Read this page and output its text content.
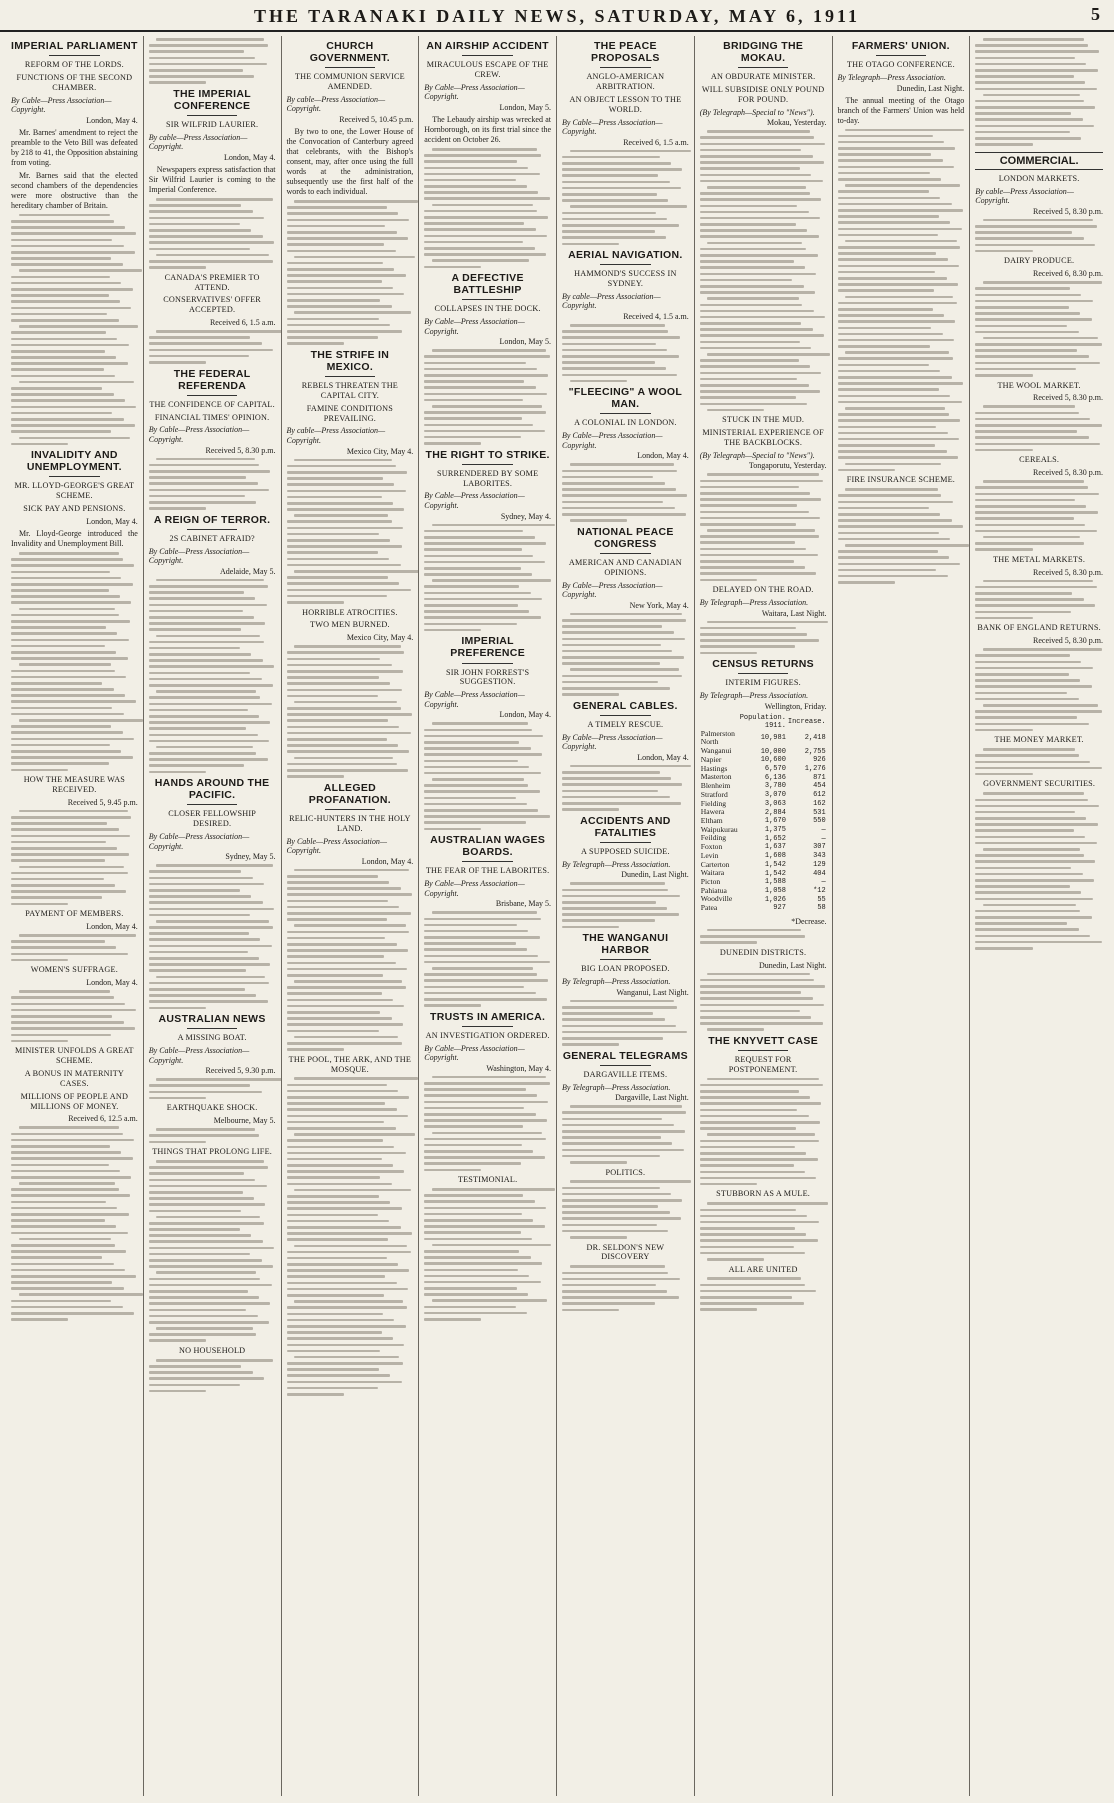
THE TARANAKI DAILY NEWS, SATURDAY, MAY 6, 1911	5
IMPERIAL PARLIAMENT
REFORM OF THE LORDS.
FUNCTIONS OF THE SECOND CHAMBER.
By Cable—Press Association—Copyright.
London, May 4.
Mr. Barnes' amendment to reject the preamble to the Veto Bill was defeated by 218 to 41, the Opposition abstaining from voting.
Mr. Barnes said that the elected second chambers of the dependencies were more obstructive than the hereditary chamber of Britain.
INVALIDITY AND UNEMPLOYMENT.
MR. LLOYD-GEORGE'S GREAT SCHEME.
SICK PAY AND PENSIONS.
London, May 4.
Mr. Lloyd-George introduced the Invalidity and Unemployment Bill.
HOW THE MEASURE WAS RECEIVED.
Received 5, 9.45 p.m.
PAYMENT OF MEMBERS.
London, May 4.
WOMEN'S SUFFRAGE.
London, May 4.
MINISTER UNFOLDS A GREAT SCHEME.
A BONUS IN MATERNITY CASES.
MILLIONS OF PEOPLE AND MILLIONS OF MONEY.
Received 6, 12.5 a.m.
THE IMPERIAL CONFERENCE
SIR WILFRID LAURIER.
By cable—Press Association—Copyright.
London, May 4.
Newspapers express satisfaction that Sir Wilfrid Laurier is coming to the Imperial Conference.
CANADA'S PREMIER TO ATTEND.
CONSERVATIVES' OFFER ACCEPTED.
Received 6, 1.5 a.m.
THE FEDERAL REFERENDA
THE CONFIDENCE OF CAPITAL.
FINANCIAL TIMES' OPINION.
By Cable—Press Association—Copyright.
Received 5, 8.30 p.m.
A REIGN OF TERROR.
2S CABINET AFRAID?
By Cable—Press Association—Copyright.
Adelaide, May 5.
HANDS AROUND THE PACIFIC.
CLOSER FELLOWSHIP DESIRED.
By Cable—Press Association—Copyright.
Sydney, May 5.
AUSTRALIAN NEWS
A MISSING BOAT.
By Cable—Press Association—Copyright.
Received 5, 9.30 p.m.
EARTHQUAKE SHOCK.
Melbourne, May 5.
THINGS THAT PROLONG LIFE.
NO HOUSEHOLD
CHURCH GOVERNMENT.
THE COMMUNION SERVICE AMENDED.
By cable—Press Association—Copyright.
Received 5, 10.45 p.m.
By two to one, the Lower House of the Convocation of Canterbury agreed that celebrants, with the Bishop's consent, may, after once using the full words at the administration, subsequently use the first half of the words to each individual.
THE STRIFE IN MEXICO.
REBELS THREATEN THE CAPITAL CITY.
FAMINE CONDITIONS PREVAILING.
By cable—Press Association—Copyright.
Mexico City, May 4.
HORRIBLE ATROCITIES.
TWO MEN BURNED.
Mexico City, May 4.
ALLEGED PROFANATION.
RELIC-HUNTERS IN THE HOLY LAND.
By Cable—Press Association—Copyright.
London, May 4.
THE POOL, THE ARK, AND THE MOSQUE.
AN AIRSHIP ACCIDENT
MIRACULOUS ESCAPE OF THE CREW.
By Cable—Press Association—Copyright.
London, May 5.
The Lebaudy airship was wrecked at Hornborough, on its first trial since the accident on October 26.
A DEFECTIVE BATTLESHIP
COLLAPSES IN THE DOCK.
By Cable—Press Association—Copyright.
London, May 5.
THE RIGHT TO STRIKE.
SURRENDERED BY SOME LABORITES.
By Cable—Press Association—Copyright.
Sydney, May 4.
IMPERIAL PREFERENCE
SIR JOHN FORREST'S SUGGESTION.
By Cable—Press Association—Copyright.
London, May 4.
AUSTRALIAN WAGES BOARDS.
THE FEAR OF THE LABORITES.
By Cable—Press Association—Copyright.
Brisbane, May 5.
TRUSTS IN AMERICA.
AN INVESTIGATION ORDERED.
By Cable—Press Association—Copyright.
Washington, May 4.
TESTIMONIAL.
THE PEACE PROPOSALS
ANGLO-AMERICAN ARBITRATION.
AN OBJECT LESSON TO THE WORLD.
By Cable—Press Association—Copyright.
Received 6, 1.5 a.m.
AERIAL NAVIGATION.
HAMMOND'S SUCCESS IN SYDNEY.
By cable—Press Association—Copyright.
Received 4, 1.5 a.m.
"FLEECING" A WOOL MAN.
A COLONIAL IN LONDON.
By Cable—Press Association—Copyright.
London, May 4.
NATIONAL PEACE CONGRESS
AMERICAN AND CANADIAN OPINIONS.
By Cable—Press Association—Copyright.
New York, May 4.
GENERAL CABLES.
A TIMELY RESCUE.
By Cable—Press Association—Copyright.
London, May 4.
ACCIDENTS AND FATALITIES
A SUPPOSED SUICIDE.
By Telegraph—Press Association.
Dunedin, Last Night.
THE WANGANUI HARBOR
BIG LOAN PROPOSED.
By Telegraph—Press Association.
Wanganui, Last Night.
GENERAL TELEGRAMS
DARGAVILLE ITEMS.
By Telegraph—Press Association.
Dargaville, Last Night.
POLITICS.
DR. SELDON'S NEW DISCOVERY
BRIDGING THE MOKAU.
AN OBDURATE MINISTER.
WILL SUBSIDISE ONLY POUND FOR POUND.
(By Telegraph—Special to "News").
Mokau, Yesterday.
STUCK IN THE MUD.
MINISTERIAL EXPERIENCE OF THE BACKBLOCKS.
(By Telegraph—Special to "News").
Tongaporutu, Yesterday.
DELAYED ON THE ROAD.
By Telegraph—Press Association.
Waitara, Last Night.
CENSUS RETURNS
INTERIM FIGURES.
By Telegraph—Press Association.
Wellington, Friday.
	Population. 1911.	Increase.
Palmerston North	10,981	2,418
Wanganui	10,000	2,755
Napier	10,600	926
Hastings	6,570	1,276
Masterton	6,136	871
Blenheim	3,780	454
Stratford	3,070	612
Fielding	3,063	162
Hawera	2,884	531
Eltham	1,670	550
Waipukurau	1,375	—
Feilding	1,652	—
Foxton	1,637	307
Levin	1,608	343
Carterton	1,542	129
Waitara	1,542	404
Picton	1,588	—
Pahiatua	1,058	*12
Woodville	1,026	55
Patea	927	58
*Decrease.
DUNEDIN DISTRICTS.
Dunedin, Last Night.
THE KNYVETT CASE
REQUEST FOR POSTPONEMENT.
STUBBORN AS A MULE.
ALL ARE UNITED
FARMERS' UNION.
THE OTAGO CONFERENCE.
By Telegraph—Press Association.
Dunedin, Last Night.
The annual meeting of the Otago branch of the Farmers' Union was held to-day.
FIRE INSURANCE SCHEME.
COMMERCIAL.
LONDON MARKETS.
By cable—Press Association—Copyright.
Received 5, 8.30 p.m.
DAIRY PRODUCE.
Received 6, 8.30 p.m.
THE WOOL MARKET.
Received 5, 8.30 p.m.
CEREALS.
Received 5, 8.30 p.m.
THE METAL MARKETS.
Received 5, 8.30 p.m.
BANK OF ENGLAND RETURNS.
Received 5, 8.30 p.m.
THE MONEY MARKET.
GOVERNMENT SECURITIES.
